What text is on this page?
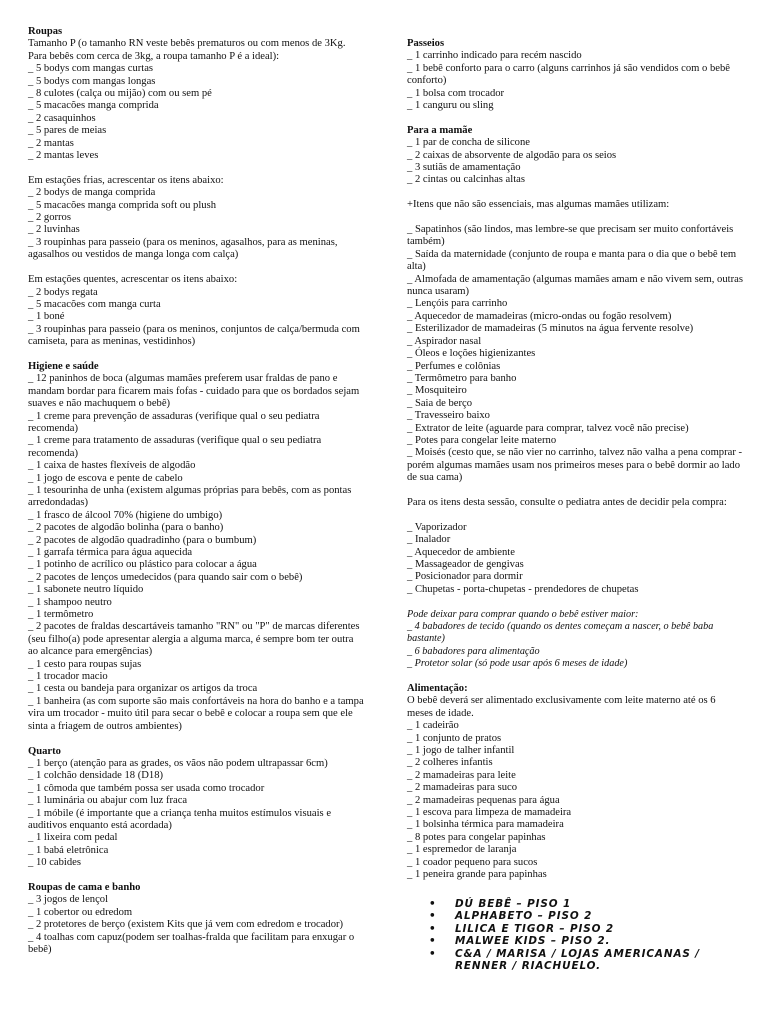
Roupas
Tamanho P (o tamanho RN veste bebês prematuros ou com menos de 3Kg. Para bebês com cerca de 3kg, a roupa tamanho P é a ideal):
_ 5 bodys com mangas curtas
_ 5 bodys com mangas longas
_ 8 culotes (calça ou mijão) com ou sem pé
_ 5 macacões manga comprida
_ 2 casaquinhos
_ 5 pares de meias
_ 2 mantas
_ 2 mantas leves
Em estações frias, acrescentar os itens abaixo:
_ 2 bodys de manga comprida
_ 5 macacões manga comprida soft ou plush
_ 2 gorros
_ 2 luvinhas
_ 3 roupinhas para passeio (para os meninos, agasalhos, para as meninas, agasalhos ou vestidos de manga longa com calça)
Em estações quentes, acrescentar os itens abaixo:
_ 2 bodys regata
_ 5 macacões com manga curta
_ 1 boné
_ 3 roupinhas para passeio (para os meninos, conjuntos de calça/bermuda com camiseta, para as meninas, vestidinhos)
Higiene e saúde
_ 12 paninhos de boca (algumas mamães preferem usar fraldas de pano e mandam bordar para ficarem mais fofas - cuidado para que os bordados sejam suaves e não machuquem o bebê)
_ 1 creme para prevenção de assaduras (verifique qual o seu pediatra recomenda)
_ 1 creme para tratamento de assaduras (verifique qual o seu pediatra recomenda)
_ 1 caixa de hastes flexíveis de algodão
_ 1 jogo de escova e pente de cabelo
_ 1 tesourinha de unha (existem algumas próprias para bebês, com as pontas arredondadas)
_ 1 frasco de álcool 70% (higiene do umbigo)
_ 2 pacotes de algodão bolinha (para o banho)
_ 2 pacotes de algodão quadradinho (para o bumbum)
_ 1 garrafa térmica para água aquecida
_ 1 potinho de acrílico ou plástico para colocar a água
_ 2 pacotes de lenços umedecidos (para quando sair com o bebê)
_ 1 sabonete neutro líquido
_ 1 shampoo neutro
_ 1 termômetro
_ 2 pacotes de fraldas descartáveis tamanho "RN" ou "P" de marcas diferentes (seu filho(a) pode apresentar alergia a alguma marca, é sempre bom ter outra ao alcance para emergências)
_ 1 cesto para roupas sujas
_ 1 trocador macio
_ 1 cesta ou bandeja para organizar os artigos da troca
_ 1 banheira (as com suporte são mais confortáveis na hora do banho e a tampa vira um trocador - muito útil para secar o bebê e colocar a roupa sem que ele sinta a friagem de outros ambientes)
Quarto
_ 1 berço (atenção para as grades, os vãos não podem ultrapassar 6cm)
_ 1 colchão densidade 18 (D18)
_ 1 cômoda que também possa ser usada como trocador
_ 1 luminária ou abajur com luz fraca
_ 1 móbile (é importante que a criança tenha muitos estímulos visuais e auditivos enquanto está acordada)
_ 1 lixeira com pedal
_ 1 babá eletrônica
_ 10 cabides
Roupas de cama e banho
_ 3 jogos de lençol
_ 1 cobertor ou edredom
_ 2 protetores de berço (existem Kits que já vem com edredom e trocador)
_ 4 toalhas com capuz(podem ser toalhas-fralda que facilitam para enxugar o bebê)
Passeios
_ 1 carrinho indicado para recém nascido
_ 1 bebê conforto para o carro (alguns carrinhos já são vendidos com o bebê conforto)
_ 1 bolsa com trocador
_ 1 canguru ou sling
Para a mamãe
_ 1 par de concha de silicone
_ 2 caixas de absorvente de algodão para os seios
_ 3 sutiãs de amamentação
_ 2 cintas ou calcinhas altas
+Itens que não são essenciais, mas algumas mamães utilizam:
_ Sapatinhos (são lindos, mas lembre-se que precisam ser muito confortáveis também)
_ Saída da maternidade (conjunto de roupa e manta para o dia que o bebê tem alta)
_ Almofada de amamentação (algumas mamães amam e não vivem sem, outras nunca usaram)
_ Lençóis para carrinho
_ Aquecedor de mamadeiras (micro-ondas ou fogão resolvem)
_ Esterilizador de mamadeiras (5 minutos na água fervente resolve)
_ Aspirador nasal
_ Óleos e loções higienizantes
_ Perfumes e colônias
_ Termômetro para banho
_ Mosquiteiro
_ Saia de berço
_ Travesseiro baixo
_ Extrator de leite (aguarde para comprar, talvez você não precise)
_ Potes para congelar leite materno
_ Moisés (cesto que, se não vier no carrinho, talvez não valha a pena comprar - porém algumas mamães usam nos primeiros meses para o bebê dormir ao lado de sua cama)
Para os itens desta sessão, consulte o pediatra antes de decidir pela compra:
_ Vaporizador
_ Inalador
_ Aquecedor de ambiente
_ Massageador de gengivas
_ Posicionador para dormir
_ Chupetas - porta-chupetas - prendedores de chupetas
Pode deixar para comprar quando o bebê estiver maior:
_ 4 babadores de tecido (quando os dentes começam a nascer, o bebê baba bastante)
_ 6 babadores para alimentação
_ Protetor solar (só pode usar após 6 meses de idade)
Alimentação:
O bebê deverá ser alimentado exclusivamente com leite materno até os 6 meses de idade.
_ 1 cadeirão
_ 1 conjunto de pratos
_ 1 jogo de talher infantil
_ 2 colheres infantis
_ 2 mamadeiras para leite
_ 2 mamadeiras para suco
_ 2 mamadeiras pequenas para água
_ 1 escova para limpeza de mamadeira
_ 1 bolsinha térmica para mamadeira
_ 8 potes para congelar papinhas
_ 1 espremedor de laranja
_ 1 coador pequeno para sucos
_ 1 peneira grande para papinhas
• DÚ BEBÊ – PISO 1
• ALPHABETO – PISO 2
• LILICA E TIGOR – PISO 2
• MALWEE KIDS – PISO 2.
• C&A / MARISA / LOJAS AMERICANAS / RENNER / RIACHUELO.
